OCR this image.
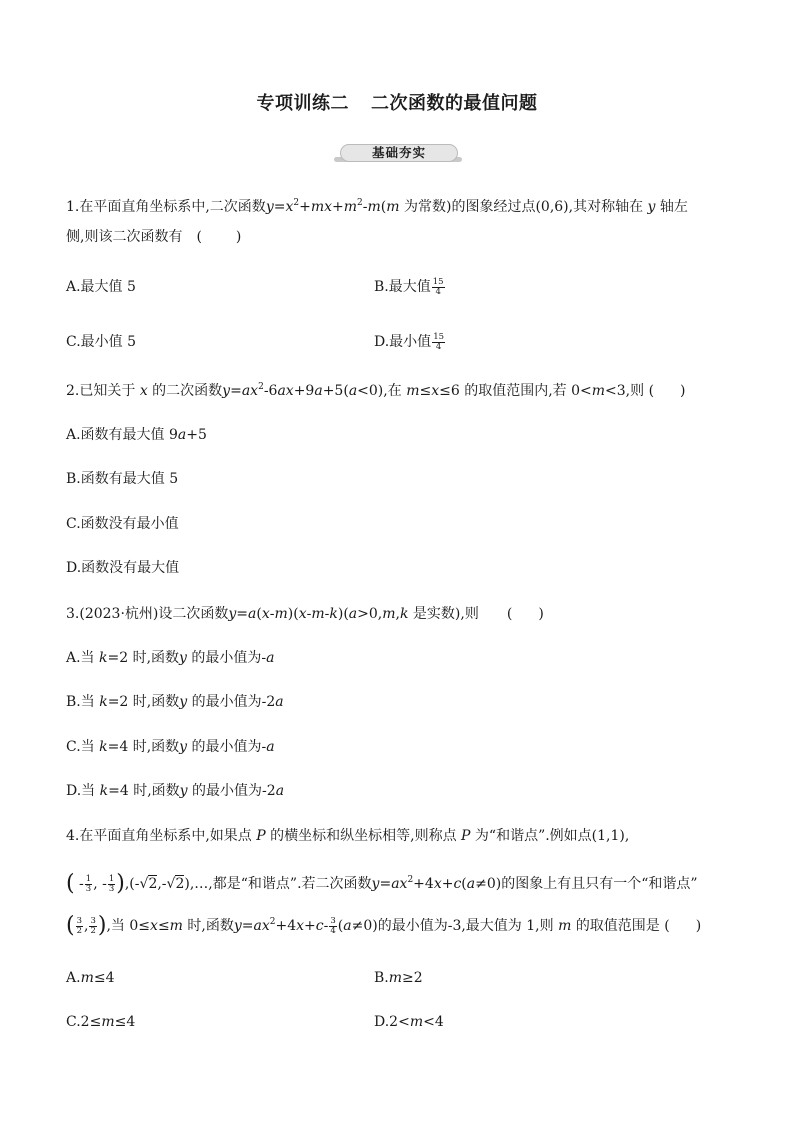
专项训练二 二次函数的最值问题
基础夯实
1.在平面直角坐标系中,二次函数$y=x^2+mx+m^2-m(m$ 为常数)的图象经过点(0,6),其对称轴在 y 轴左
侧,则该二次函数有　( )
A.最大值 5	B.最大值 $\frac{15}{4}$
C.最小值 5	D.最小值 $\frac{15}{4}$
2.已知关于 x 的二次函数$y=ax^2-6ax+9a+5(a<0)$,在 m≤x≤6 的取值范围内,若 0<m<3,则 ( )
A.函数有最大值 9a+5
B.函数有最大值 5
C.函数没有最小值
D.函数没有最大值
3.(2023·杭州)设二次函数y=a(x-m)(x-m-k)(a>0,m,k 是实数),则　　( )
A.当 k=2 时,函数y 的最小值为-a
B.当 k=2 时,函数y 的最小值为-2a
C.当 k=4 时,函数y 的最小值为-a
D.当 k=4 时,函数y 的最小值为-2a
4.在平面直角坐标系中,如果点 P 的横坐标和纵坐标相等,则称点 P 为“和谐点”.例如点(1,1),
( - $\frac{1}{3}$ , - $\frac{1}{3}$ ),(-√2,-√2),…,都是“和谐点”.若二次函数$y=ax^2+4x+c(a\ne 0)$的图象上有且只有一个“和谐点”
( $\frac{3}{2}$ , $\frac{3}{2}$ ),当 0≤x≤m 时,函数$y=ax^2+4x+c- \frac{3}{4} (a\ne 0)$的最小值为-3,最大值为 1,则 m 的取值范围是 ( )
A.m≤4	B.m≥2
C.2≤m≤4	D.2<m<4
